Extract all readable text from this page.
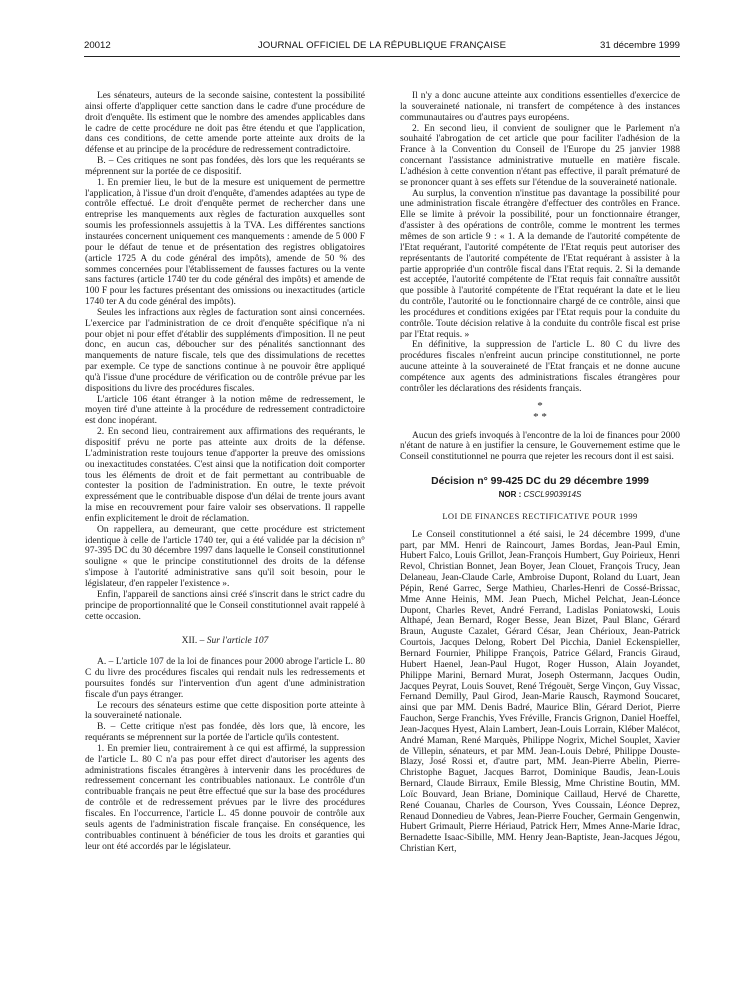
20012	JOURNAL OFFICIEL DE LA RÉPUBLIQUE FRANÇAISE	31 décembre 1999

Les sénateurs, auteurs de la seconde saisine, contestent la possibilité ainsi offerte d'appliquer cette sanction dans le cadre d'une procédure de droit d'enquête. Ils estiment que le nombre des amendes applicables dans le cadre de cette procédure ne doit pas être étendu et que l'application, dans ces conditions, de cette amende porte atteinte aux droits de la défense et au principe de la procédure de redressement contradictoire.

B. – Ces critiques ne sont pas fondées, dès lors que les requérants se méprennent sur la portée de ce dispositif.

1. En premier lieu, le but de la mesure est uniquement de permettre l'application, à l'issue d'un droit d'enquête, d'amendes adaptées au type de contrôle effectué. Le droit d'enquête permet de rechercher dans une entreprise les manquements aux règles de facturation auxquelles sont soumis les professionnels assujettis à la TVA. Les différentes sanctions instaurées concernent uniquement ces manquements : amende de 5 000 F pour le défaut de tenue et de présentation des registres obligatoires (article 1725 A du code général des impôts), amende de 50 % des sommes concernées pour l'établissement de fausses factures ou la vente sans factures (article 1740 ter du code général des impôts) et amende de 100 F pour les factures présentant des omissions ou inexactitudes (article 1740 ter A du code général des impôts).

Seules les infractions aux règles de facturation sont ainsi concernées. L'exercice par l'administration de ce droit d'enquête spécifique n'a ni pour objet ni pour effet d'établir des suppléments d'imposition. Il ne peut donc, en aucun cas, déboucher sur des pénalités sanctionnant des manquements de nature fiscale, tels que des dissimulations de recettes par exemple. Ce type de sanctions continue à ne pouvoir être appliqué qu'à l'issue d'une procédure de vérification ou de contrôle prévue par les dispositions du livre des procédures fiscales.

L'article 106 étant étranger à la notion même de redressement, le moyen tiré d'une atteinte à la procédure de redressement contradictoire est donc inopérant.

2. En second lieu, contrairement aux affirmations des requérants, le dispositif prévu ne porte pas atteinte aux droits de la défense. L'administration reste toujours tenue d'apporter la preuve des omissions ou inexactitudes constatées. C'est ainsi que la notification doit comporter tous les éléments de droit et de fait permettant au contribuable de contester la position de l'administration. En outre, le texte prévoit expressément que le contribuable dispose d'un délai de trente jours avant la mise en recouvrement pour faire valoir ses observations. Il rappelle enfin explicitement le droit de réclamation.

On rappellera, au demeurant, que cette procédure est strictement identique à celle de l'article 1740 ter, qui a été validée par la décision n° 97-395 DC du 30 décembre 1997 dans laquelle le Conseil constitutionnel souligne « que le principe constitutionnel des droits de la défense s'impose à l'autorité administrative sans qu'il soit besoin, pour le législateur, d'en rappeler l'existence ».

Enfin, l'appareil de sanctions ainsi créé s'inscrit dans le strict cadre du principe de proportionnalité que le Conseil constitutionnel avait rappelé à cette occasion.

XII. – Sur l'article 107

A. – L'article 107 de la loi de finances pour 2000 abroge l'article L. 80 C du livre des procédures fiscales qui rendait nuls les redressements et poursuites fondés sur l'intervention d'un agent d'une administration fiscale d'un pays étranger.

Le recours des sénateurs estime que cette disposition porte atteinte à la souveraineté nationale.

B. – Cette critique n'est pas fondée, dès lors que, là encore, les requérants se méprennent sur la portée de l'article qu'ils contestent.

1. En premier lieu, contrairement à ce qui est affirmé, la suppression de l'article L. 80 C n'a pas pour effet direct d'autoriser les agents des administrations fiscales étrangères à intervenir dans les procédures de redressement concernant les contribuables nationaux. Le contrôle d'un contribuable français ne peut être effectué que sur la base des procédures de contrôle et de redressement prévues par le livre des procédures fiscales. En l'occurrence, l'article L. 45 donne pouvoir de contrôle aux seuls agents de l'administration fiscale française. En conséquence, les contribuables continuent à bénéficier de tous les droits et garanties qui leur ont été accordés par le législateur.

Il n'y a donc aucune atteinte aux conditions essentielles d'exercice de la souveraineté nationale, ni transfert de compétence à des instances communautaires ou d'autres pays européens.

2. En second lieu, il convient de souligner que le Parlement n'a souhaité l'abrogation de cet article que pour faciliter l'adhésion de la France à la Convention du Conseil de l'Europe du 25 janvier 1988 concernant l'assistance administrative mutuelle en matière fiscale. L'adhésion à cette convention n'étant pas effective, il paraît prématuré de se prononcer quant à ses effets sur l'étendue de la souveraineté nationale.

Au surplus, la convention n'institue pas davantage la possibilité pour une administration fiscale étrangère d'effectuer des contrôles en France. Elle se limite à prévoir la possibilité, pour un fonctionnaire étranger, d'assister à des opérations de contrôle, comme le montrent les termes mêmes de son article 9 : « 1. A la demande de l'autorité compétente de l'Etat requérant, l'autorité compétente de l'Etat requis peut autoriser des représentants de l'autorité compétente de l'Etat requérant à assister à la partie appropriée d'un contrôle fiscal dans l'Etat requis. 2. Si la demande est acceptée, l'autorité compétente de l'Etat requis fait connaître aussitôt que possible à l'autorité compétente de l'Etat requérant la date et le lieu du contrôle, l'autorité ou le fonctionnaire chargé de ce contrôle, ainsi que les procédures et conditions exigées par l'Etat requis pour la conduite du contrôle. Toute décision relative à la conduite du contrôle fiscal est prise par l'Etat requis. »

En définitive, la suppression de l'article L. 80 C du livre des procédures fiscales n'enfreint aucun principe constitutionnel, ne porte aucune atteinte à la souveraineté de l'Etat français et ne donne aucune compétence aux agents des administrations fiscales étrangères pour contrôler les déclarations des résidents français.

*
* *

Aucun des griefs invoqués à l'encontre de la loi de finances pour 2000 n'étant de nature à en justifier la censure, le Gouvernement estime que le Conseil constitutionnel ne pourra que rejeter les recours dont il est saisi.

Décision n° 99-425 DC du 29 décembre 1999
NOR : CSCL9903914S
LOI DE FINANCES RECTIFICATIVE POUR 1999

Le Conseil constitutionnel a été saisi, le 24 décembre 1999, d'une part, par MM. Henri de Raincourt, James Bordas, Jean-Paul Emin, Hubert Falco, Louis Grillot, Jean-François Humbert, Guy Poirieux, Henri Revol, Christian Bonnet, Jean Boyer, Jean Clouet, François Trucy, Jean Delaneau, Jean-Claude Carle, Ambroise Dupont, Roland du Luart, Jean Pépin, René Garrec, Serge Mathieu, Charles-Henri de Cossé-Brissac, Mme Anne Heinis, MM. Jean Puech, Michel Pelchat, Jean-Léonce Dupont, Charles Revet, André Ferrand, Ladislas Poniatowski, Louis Althapé, Jean Bernard, Roger Besse, Jean Bizet, Paul Blanc, Gérard Braun, Auguste Cazalet, Gérard César, Jean Chérioux, Jean-Patrick Courtois, Jacques Delong, Robert Del Picchia, Daniel Eckenspieller, Bernard Fournier, Philippe François, Patrice Gélard, Francis Giraud, Hubert Haenel, Jean-Paul Hugot, Roger Husson, Alain Joyandet, Philippe Marini, Bernard Murat, Joseph Ostermann, Jacques Oudin, Jacques Peyrat, Louis Souvet, René Trégouët, Serge Vinçon, Guy Vissac, Fernand Demilly, Paul Girod, Jean-Marie Rausch, Raymond Soucaret, ainsi que par MM. Denis Badré, Maurice Blin, Gérard Deriot, Pierre Fauchon, Serge Franchis, Yves Fréville, Francis Grignon, Daniel Hoeffel, Jean-Jacques Hyest, Alain Lambert, Jean-Louis Lorrain, Kléber Malécot, André Maman, René Marquès, Philippe Nogrix, Michel Souplet, Xavier de Villepin, sénateurs, et par MM. Jean-Louis Debré, Philippe Douste-Blazy, José Rossi et, d'autre part, MM. Jean-Pierre Abelin, Pierre-Christophe Baguet, Jacques Barrot, Dominique Baudis, Jean-Louis Bernard, Claude Birraux, Emile Blessig, Mme Christine Boutin, MM. Loïc Bouvard, Jean Briane, Dominique Caillaud, Hervé de Charette, René Couanau, Charles de Courson, Yves Coussain, Léonce Deprez, Renaud Donnedieu de Vabres, Jean-Pierre Foucher, Germain Gengenwin, Hubert Grimault, Pierre Hériaud, Patrick Herr, Mmes Anne-Marie Idrac, Bernadette Isaac-Sibille, MM. Henry Jean-Baptiste, Jean-Jacques Jégou, Christian Kert,
